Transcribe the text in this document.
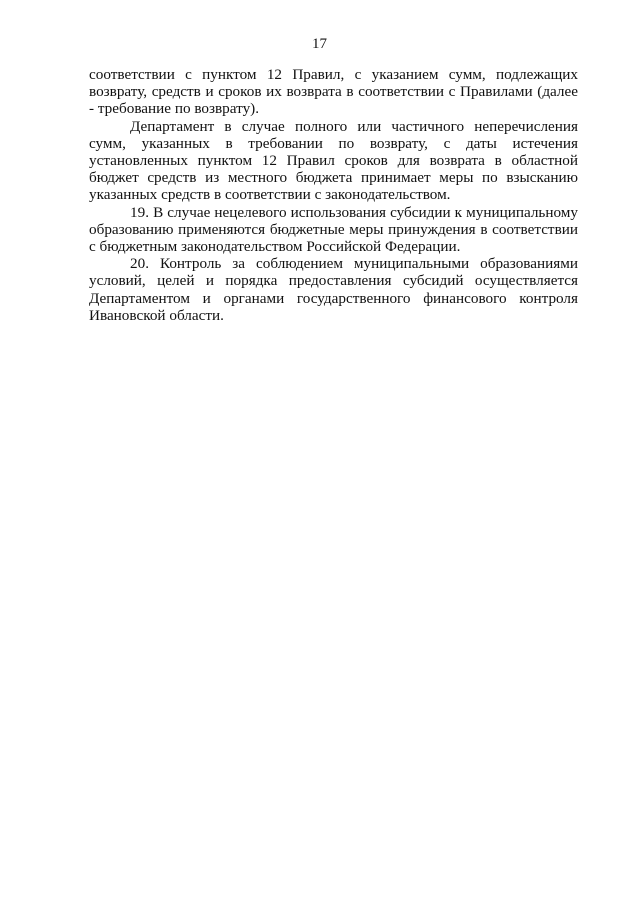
17

соответствии с пунктом 12 Правил, с указанием сумм, подлежащих возврату, средств и сроков их возврата в соответствии с Правилами (далее - требование по возврату).

Департамент в случае полного или частичного неперечисления сумм, указанных в требовании по возврату, с даты истечения установленных пунктом 12 Правил сроков для возврата в областной бюджет средств из местного бюджета принимает меры по взысканию указанных средств в соответствии с законодательством.

19. В случае нецелевого использования субсидии к муниципальному образованию применяются бюджетные меры принуждения в соответствии с бюджетным законодательством Российской Федерации.

20. Контроль за соблюдением муниципальными образованиями условий, целей и порядка предоставления субсидий осуществляется Департаментом и органами государственного финансового контроля Ивановской области.
